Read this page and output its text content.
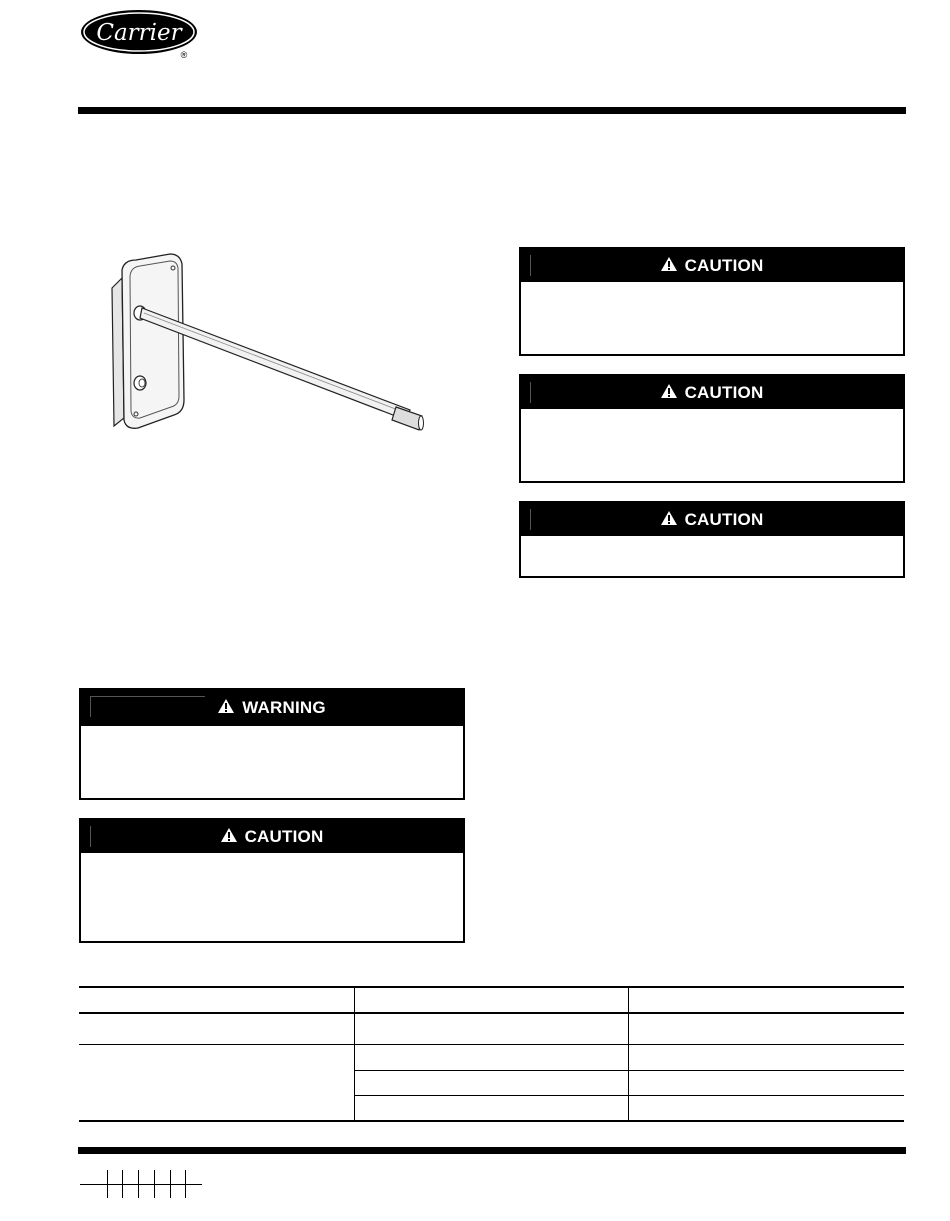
Carrier
®
CAUTION
CAUTION
CAUTION
WARNING
CAUTION
